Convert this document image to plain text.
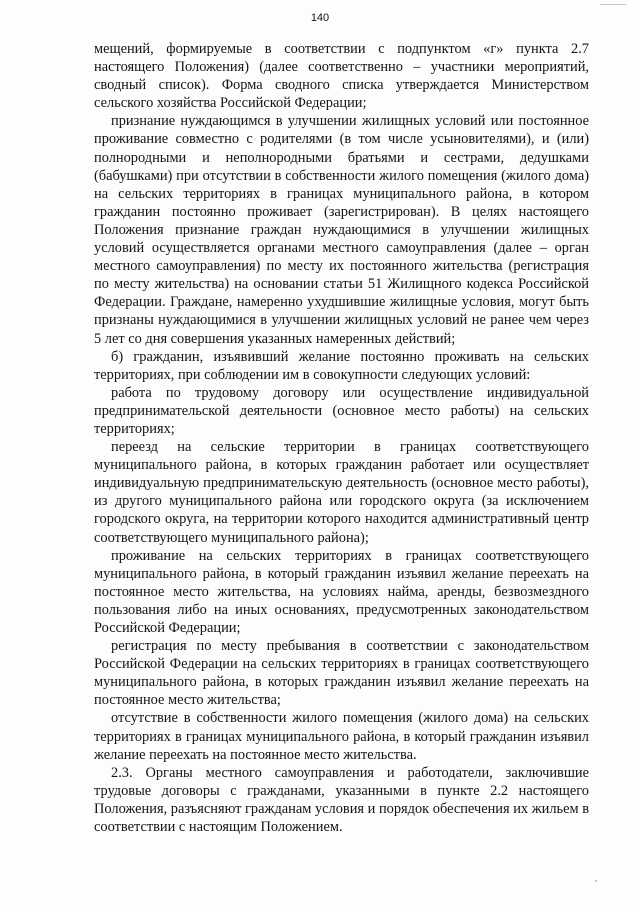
140

мещений, формируемые в соответствии с подпунктом «г» пункта 2.7 настоящего Положения) (далее соответственно – участники мероприятий, сводный список). Форма сводного списка утверждается Министерством сельского хозяйства Российской Федерации;

признание нуждающимся в улучшении жилищных условий или постоянное проживание совместно с родителями (в том числе усыновителями), и (или) полнородными и неполнородными братьями и сестрами, дедушками (бабушками) при отсутствии в собственности жилого помещения (жилого дома) на сельских территориях в границах муниципального района, в котором гражданин постоянно проживает (зарегистрирован). В целях настоящего Положения признание граждан нуждающимися в улучшении жилищных условий осуществляется органами местного самоуправления (далее – орган местного самоуправления) по месту их постоянного жительства (регистрация по месту жительства) на основании статьи 51 Жилищного кодекса Российской Федерации. Граждане, намеренно ухудшившие жилищные условия, могут быть признаны нуждающимися в улучшении жилищных условий не ранее чем через 5 лет со дня совершения указанных намеренных действий;

б) гражданин, изъявивший желание постоянно проживать на сельских территориях, при соблюдении им в совокупности следующих условий:

работа по трудовому договору или осуществление индивидуальной предпринимательской деятельности (основное место работы) на сельских территориях;

переезд на сельские территории в границах соответствующего муниципального района, в которых гражданин работает или осуществляет индивидуальную предпринимательскую деятельность (основное место работы), из другого муниципального района или городского округа (за исключением городского округа, на территории которого находится административный центр соответствующего муниципального района);

проживание на сельских территориях в границах соответствующего муниципального района, в который гражданин изъявил желание переехать на постоянное место жительства, на условиях найма, аренды, безвозмездного пользования либо на иных основаниях, предусмотренных законодательством Российской Федерации;

регистрация по месту пребывания в соответствии с законодательством Российской Федерации на сельских территориях в границах соответствующего муниципального района, в которых гражданин изъявил желание переехать на постоянное место жительства;

отсутствие в собственности жилого помещения (жилого дома) на сельских территориях в границах муниципального района, в который гражданин изъявил желание переехать на постоянное место жительства.

2.3. Органы местного самоуправления и работодатели, заключившие трудовые договоры с гражданами, указанными в пункте 2.2 настоящего Положения, разъясняют гражданам условия и порядок обеспечения их жильем в соответствии с настоящим Положением.
